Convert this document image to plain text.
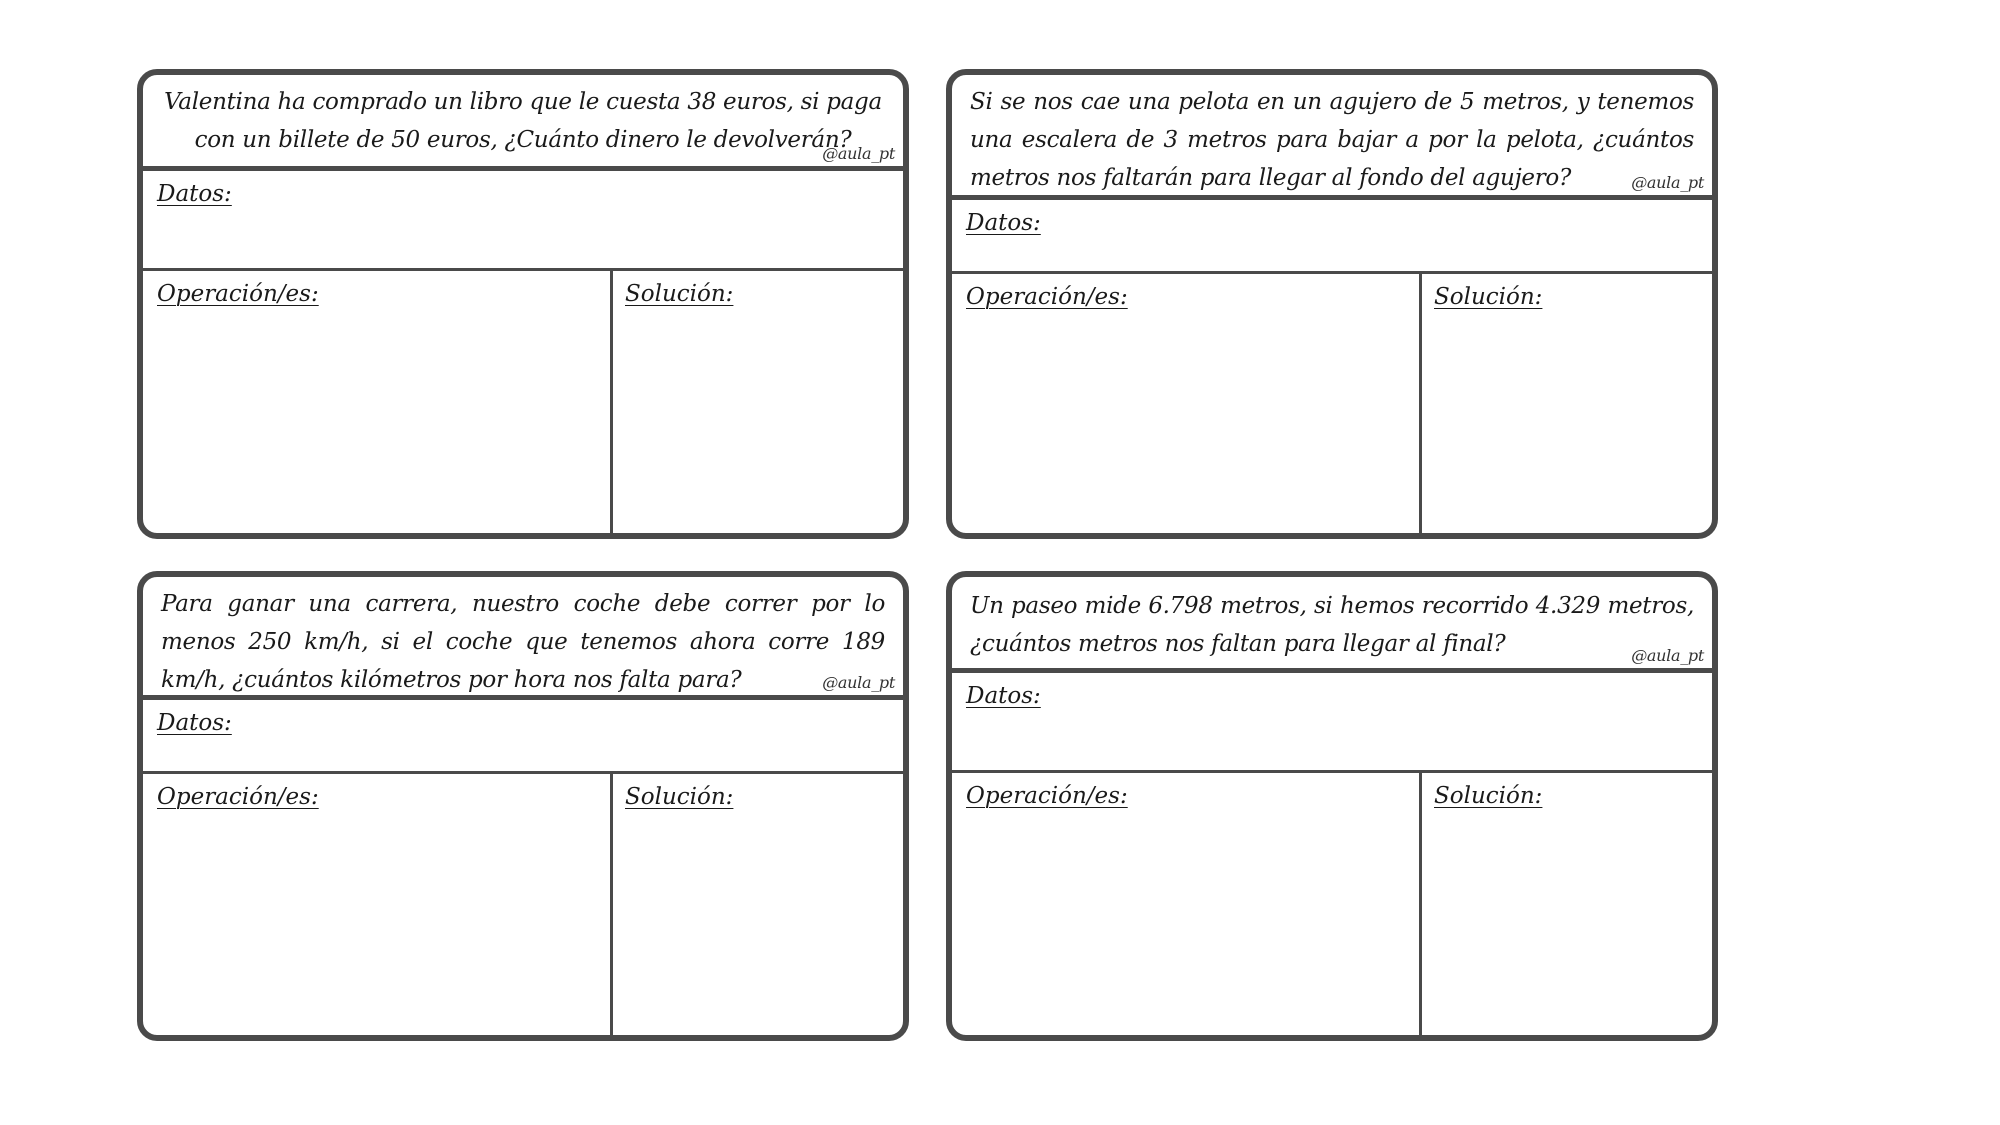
Valentina ha comprado un libro que le cuesta 38 euros, si paga con un billete de 50 euros, ¿Cuánto dinero le devolverán?
@aula_pt
Datos:
Operación/es:	Solución:
Si se nos cae una pelota en un agujero de 5 metros, y tenemos una escalera de 3 metros para bajar a por la pelota, ¿cuántos metros nos faltarán para llegar al fondo del agujero?	@aula_pt
Datos:
Operación/es:	Solución:
Para ganar una carrera, nuestro coche debe correr por lo menos 250 km/h, si el coche que tenemos ahora corre 189 km/h, ¿cuántos kilómetros por hora nos falta para?	@aula_pt
Datos:
Operación/es:	Solución:
Un paseo mide 6.798 metros, si hemos recorrido 4.329 metros, ¿cuántos metros nos faltan para llegar al final?	@aula_pt
Datos:
Operación/es:	Solución:
